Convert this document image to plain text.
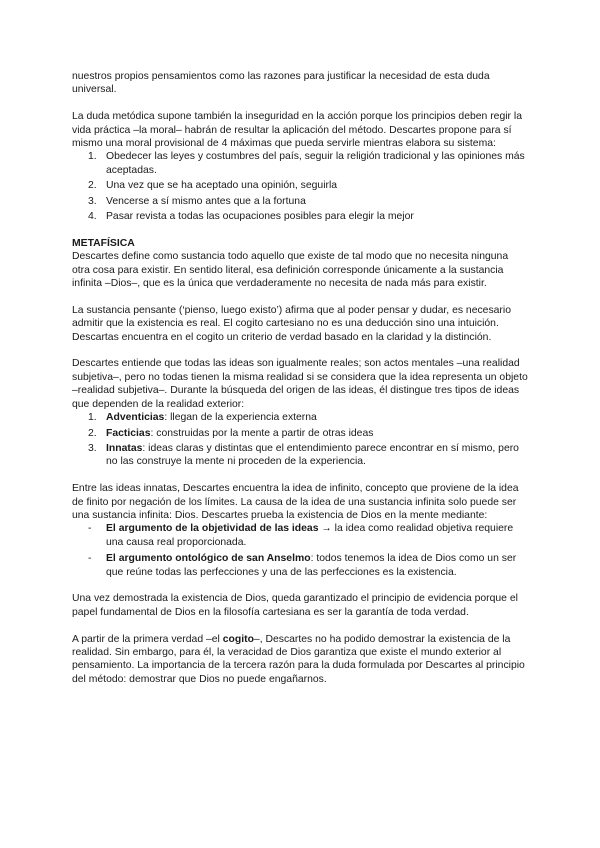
nuestros propios pensamientos como las razones para justificar la necesidad de esta duda universal.

La duda metódica supone también la inseguridad en la acción porque los principios deben regir la vida práctica –la moral– habrán de resultar la aplicación del método. Descartes propone para sí mismo una moral provisional de 4 máximas que pueda servirle mientras elabora su sistema:

1. Obedecer las leyes y costumbres del país, seguir la religión tradicional y las opiniones más aceptadas.
2. Una vez que se ha aceptado una opinión, seguirla
3. Vencerse a sí mismo antes que a la fortuna
4. Pasar revista a todas las ocupaciones posibles para elegir la mejor
METAFÍSICA

Descartes define como sustancia todo aquello que existe de tal modo que no necesita ninguna otra cosa para existir. En sentido literal, esa definición corresponde únicamente a la sustancia infinita –Dios–, que es la única que verdaderamente no necesita de nada más para existir.

La sustancia pensante (‘pienso, luego existo’) afirma que al poder pensar y dudar, es necesario admitir que la existencia es real. El cogito cartesiano no es una deducción sino una intuición. Descartas encuentra en el cogito un criterio de verdad basado en la claridad y la distinción.

Descartes entiende que todas las ideas son igualmente reales; son actos mentales –una realidad subjetiva–, pero no todas tienen la misma realidad si se considera que la idea representa un objeto –realidad subjetiva–. Durante la búsqueda del origen de las ideas, él distingue tres tipos de ideas que dependen de la realidad exterior:

1. Adventicias: llegan de la experiencia externa
2. Facticias: construidas por la mente a partir de otras ideas
3. Innatas: ideas claras y distintas que el entendimiento parece encontrar en sí mismo, pero no las construye la mente ni proceden de la experiencia.

Entre las ideas innatas, Descartes encuentra la idea de infinito, concepto que proviene de la idea de finito por negación de los límites. La causa de la idea de una sustancia infinita solo puede ser una sustancia infinita: Dios. Descartes prueba la existencia de Dios en la mente mediante:

- El argumento de la objetividad de las ideas → la idea como realidad objetiva requiere una causa real proporcionada.
- El argumento ontológico de san Anselmo: todos tenemos la idea de Dios como un ser que reúne todas las perfecciones y una de las perfecciones es la existencia.

Una vez demostrada la existencia de Dios, queda garantizado el principio de evidencia porque el papel fundamental de Dios en la filosofía cartesiana es ser la garantía de toda verdad.

A partir de la primera verdad –el cogito–, Descartes no ha podido demostrar la existencia de la realidad. Sin embargo, para él, la veracidad de Dios garantiza que existe el mundo exterior al pensamiento. La importancia de la tercera razón para la duda formulada por Descartes al principio del método: demostrar que Dios no puede engañarnos.
